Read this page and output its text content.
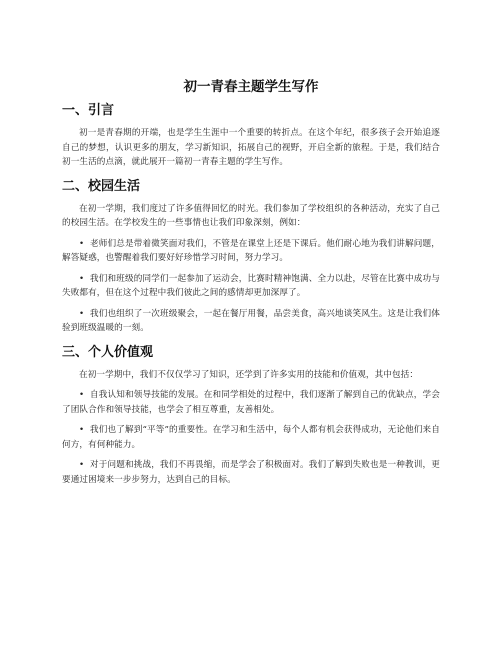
初一青春主题学生写作
一、引言

初一是青春期的开端，也是学生生涯中一个重要的转折点。在这个年纪，很多孩子会开始追逐自己的梦想，认识更多的朋友，学习新知识，拓展自己的视野，开启全新的旅程。于是，我们结合初一生活的点滴，就此展开一篇初一青春主题的学生写作。

二、校园生活

在初一学期，我们度过了许多值得回忆的时光。我们参加了学校组织的各种活动，充实了自己的校园生活。在学校发生的一些事情也让我们印象深刻，例如：

• 老师们总是带着微笑面对我们，不管是在课堂上还是下课后。他们耐心地为我们讲解问题，解答疑惑，也警醒着我们要好好珍惜学习时间，努力学习。

• 我们和班级的同学们一起参加了运动会，比赛时精神饱满、全力以赴，尽管在比赛中成功与失败都有，但在这个过程中我们彼此之间的感情却更加深厚了。

• 我们也组织了一次班级聚会，一起在餐厅用餐，品尝美食，高兴地谈笑风生。这是让我们体验到班级温暖的一刻。

三、个人价值观

在初一学期中，我们不仅仅学习了知识，还学到了许多实用的技能和价值观，其中包括：

• 自我认知和领导技能的发展。在和同学相处的过程中，我们逐渐了解到自己的优缺点，学会了团队合作和领导技能，也学会了相互尊重，友善相处。

• 我们也了解到“平等”的重要性。在学习和生活中，每个人都有机会获得成功，无论他们来自何方，有何种能力。

• 对于问题和挑战，我们不再畏缩，而是学会了积极面对。我们了解到失败也是一种教训，更要通过困境来一步步努力，达到自己的目标。
